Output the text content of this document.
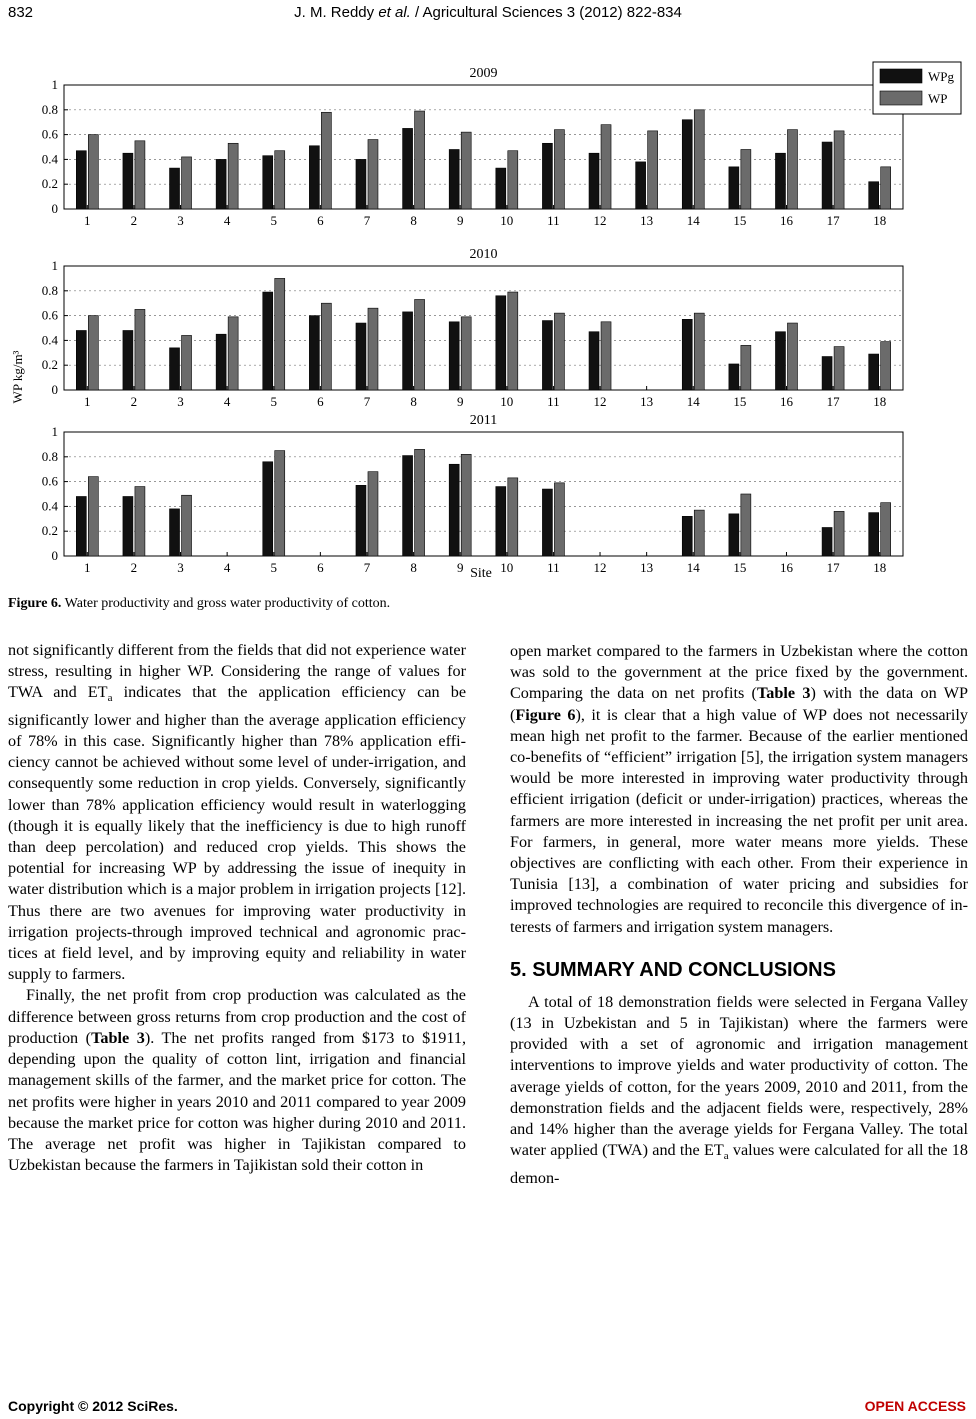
832	J. M. Reddy et al. / Agricultural Sciences 3 (2012) 822-834
2009
0
0.2
0.4
0.6
0.8
1
1	2	3	4	5	6	7	8	9	10	11	12	13	14	15	16	17	18
2010
0
0.2
0.4
0.6
0.8
1
1	2	3	4	5	6	7	8	9	10	11	12	13	14	15	16	17	18
2011
0
0.2
0.4
0.6
0.8
1
1	2	3	4	5	6	7	8	9	10	11	12	13	14	15	16	17	18
WPg
WP
WP kg/m³
Site
Figure 6. Water productivity and gross water productivity of cotton.

not significantly different from the fields that did not experience water stress, resulting in higher WP. Considering the range of values for TWA and $ET_a$ indicates that the application efficiency can be significantly lower and higher than the average application efficiency of 78% in this case. Significantly higher than 78% application efficiency cannot be achieved without some level of under-irrigation, and consequently some reduction in crop yields. Conversely, significantly lower than 78% application efficiency would result in waterlogging (though it is equally likely that the inefficiency is due to high runoff than deep percolation) and reduced crop yields. This shows the potential for increasing WP by addressing the issue of inequity in water distribution which is a major problem in irrigation projects [12]. Thus there are two avenues for improving water productivity in irrigation projects-through improved technical and agronomic practices at field level, and by improving equity and reliability in water supply to farmers.

Finally, the net profit from crop production was calculated as the difference between gross returns from crop production and the cost of production (Table 3). The net profits ranged from $173 to $1911, depending upon the quality of cotton lint, irrigation and financial management skills of the farmer, and the market price for cotton. The net profits were higher in years 2010 and 2011 compared to year 2009 because the market price for cotton was higher during 2010 and 2011. The average net profit was higher in Tajikistan compared to Uzbekistan because the farmers in Tajikistan sold their cotton in

open market compared to the farmers in Uzbekistan where the cotton was sold to the government at the price fixed by the government. Comparing the data on net profits (Table 3) with the data on WP (Figure 6), it is clear that a high value of WP does not necessarily mean high net profit to the farmer. Because of the earlier mentioned co-benefits of “efficient” irrigation [5], the irrigation system managers would be more interested in improving water productivity through efficient irrigation (deficit or under-irrigation) practices, whereas the farmers are more interested in increasing the net profit per unit area. For farmers, in general, more water means more yields. These objectives are conflicting with each other. From their experience in Tunisia [13], a combination of water pricing and subsidies for improved technologies are required to reconcile this divergence of interests of farmers and irrigation system managers.

5. SUMMARY AND CONCLUSIONS

A total of 18 demonstration fields were selected in Fergana Valley (13 in Uzbekistan and 5 in Tajikistan) where the farmers were provided with a set of agronomic and irrigation management interventions to improve yields and water productivity of cotton. The average yields of cotton, for the years 2009, 2010 and 2011, from the demonstration fields and the adjacent fields were, respectively, 28% and 14% higher than the average yields for Fergana Valley. The total water applied (TWA) and the $ET_a$ values were calculated for all the 18 demon-

Copyright © 2012 SciRes.	OPEN ACCESS
